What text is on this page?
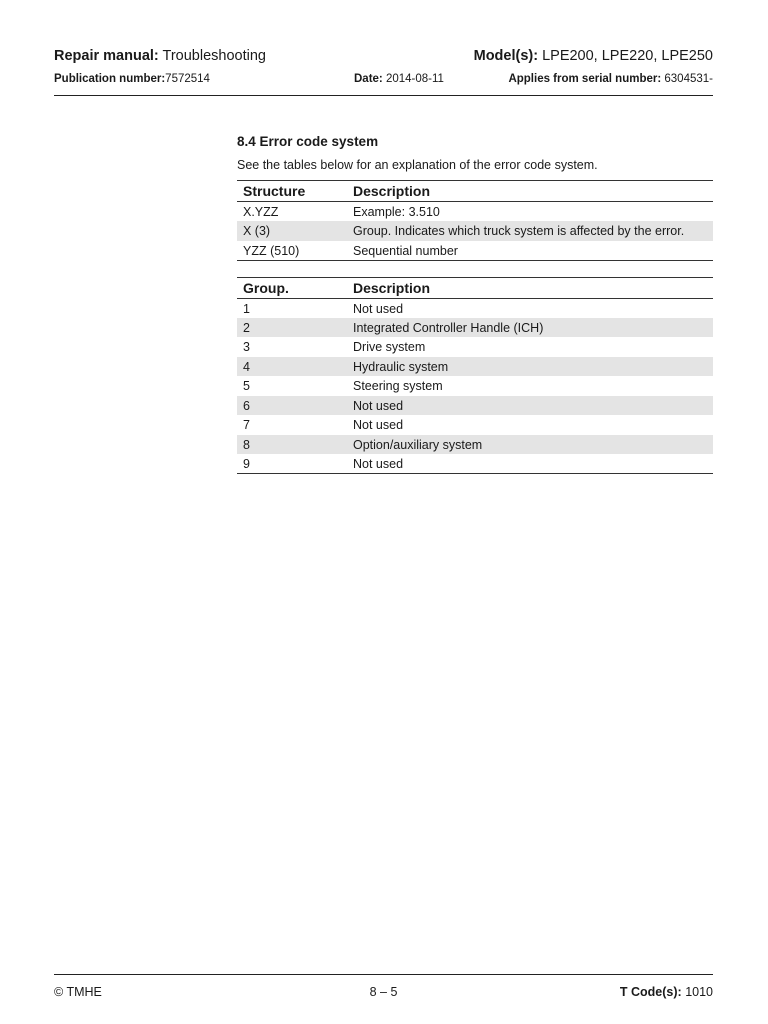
Repair manual: Troubleshooting	Model(s): LPE200, LPE220, LPE250
Publication number:7572514	Date: 2014-08-11	Applies from serial number: 6304531-
8.4 Error code system
See the tables below for an explanation of the error code system.
Structure	Description
X.YZZ	Example: 3.510
X (3)	Group. Indicates which truck system is affected by the error.
YZZ (510)	Sequential number
Group.	Description
1	Not used
2	Integrated Controller Handle (ICH)
3	Drive system
4	Hydraulic system
5	Steering system
6	Not used
7	Not used
8	Option/auxiliary system
9	Not used
© TMHE	8 – 5	T Code(s): 1010
